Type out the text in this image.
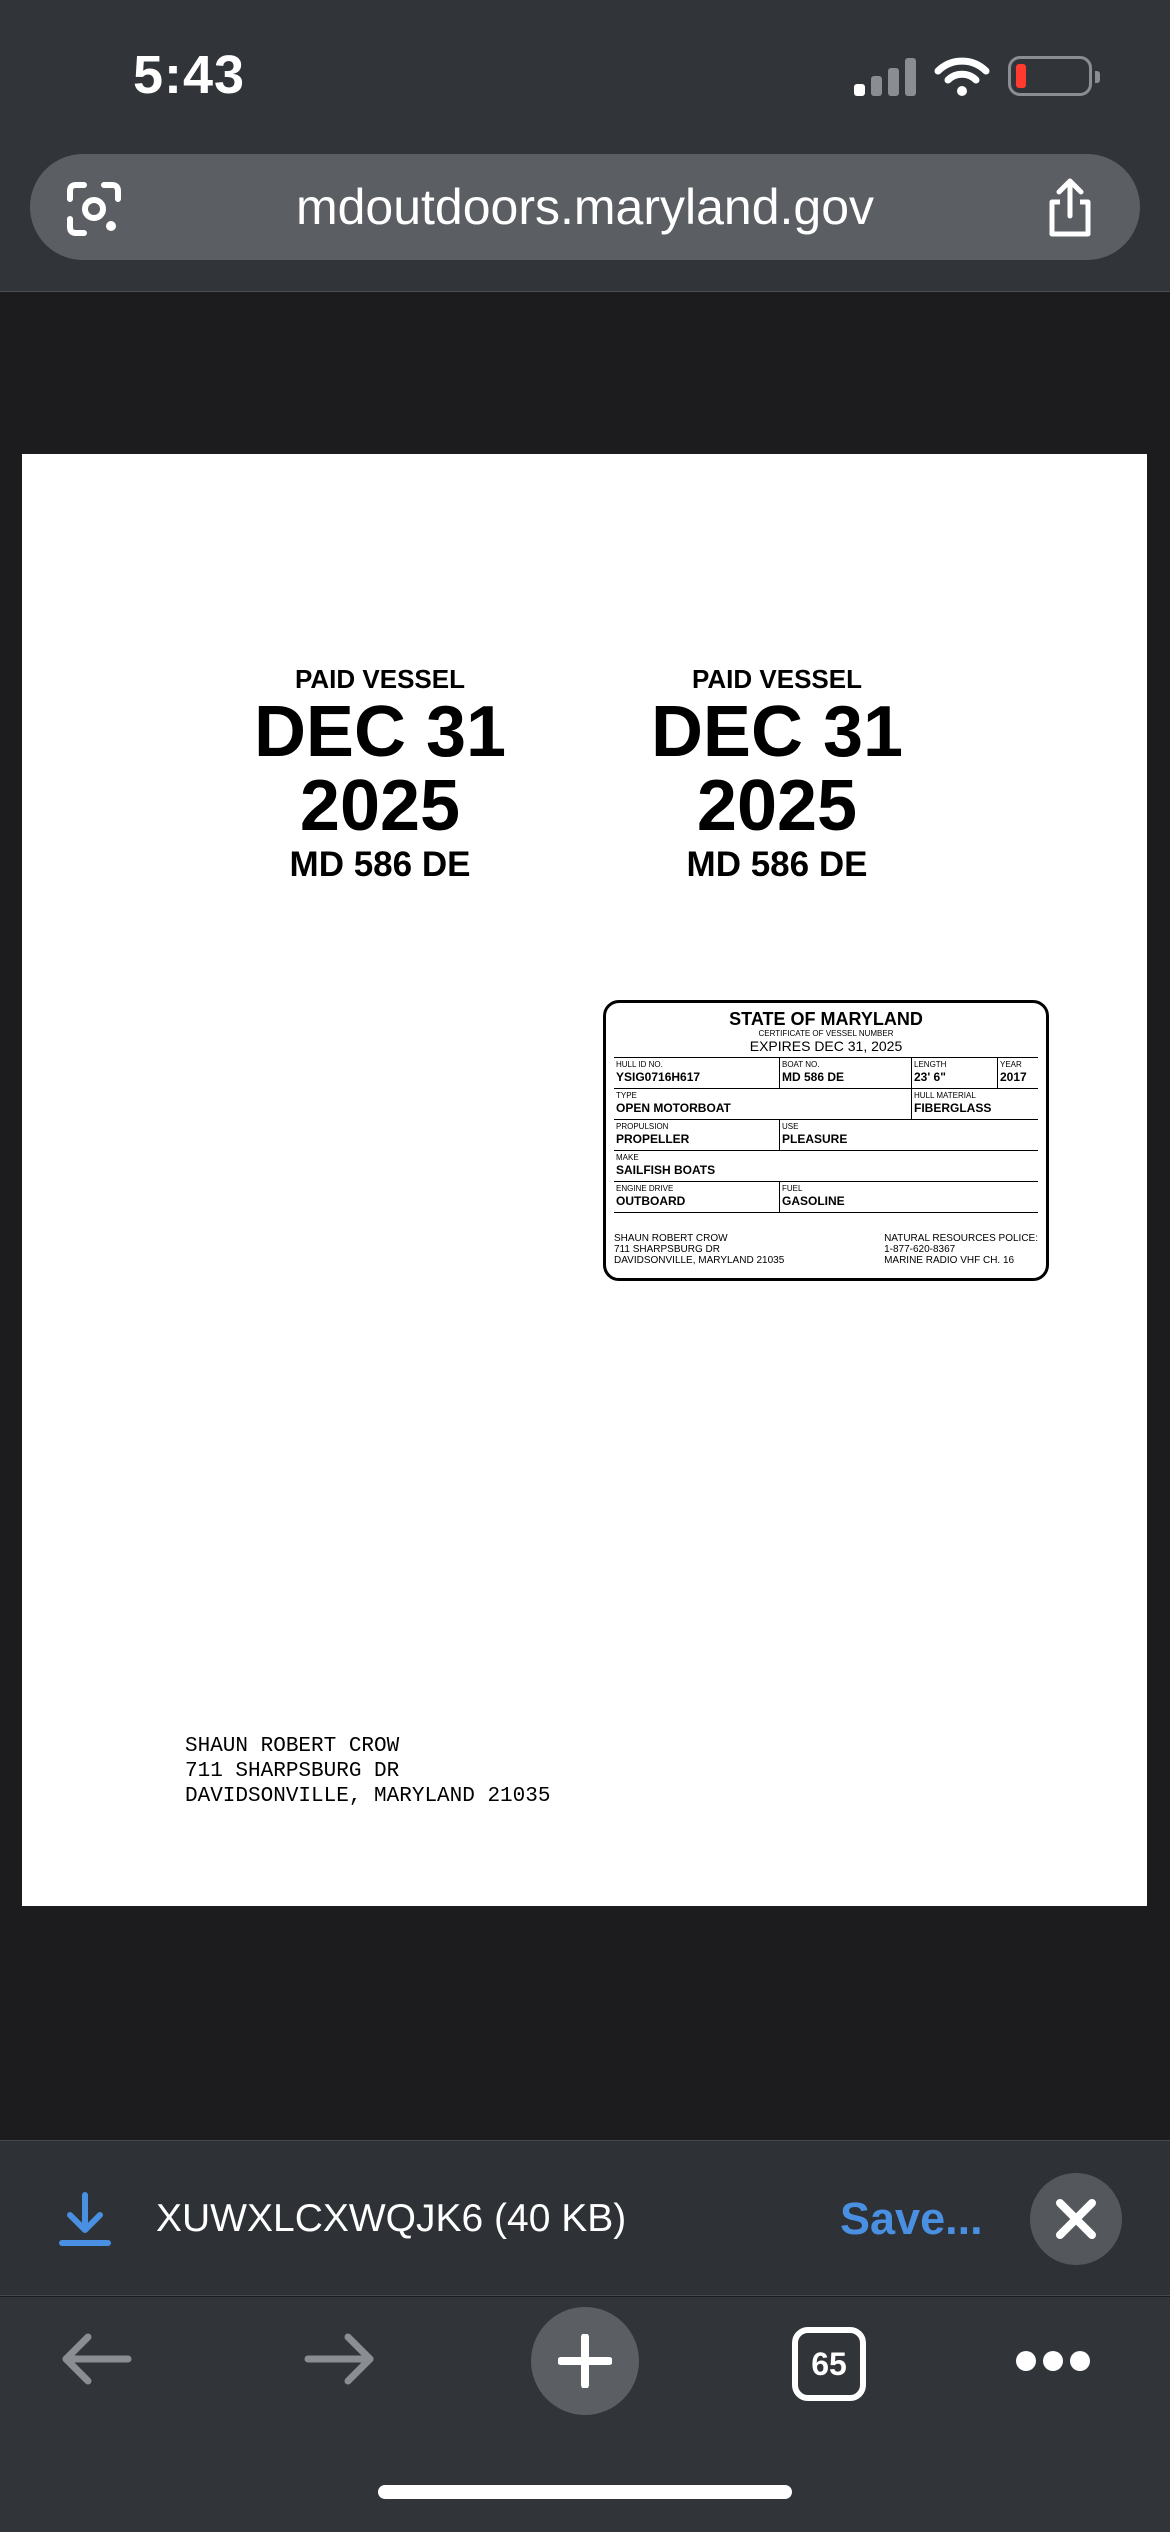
5:43
mdoutdoors.maryland.gov
PAID VESSEL
DEC 31
2025
MD 586 DE
PAID VESSEL
DEC 31
2025
MD 586 DE
STATE OF MARYLAND
CERTIFICATE OF VESSEL NUMBER
EXPIRES DEC 31, 2025
HULL ID NO.
YSIG0716H617
BOAT NO.
MD 586 DE
LENGTH
23' 6"
YEAR
2017
TYPE
OPEN MOTORBOAT
HULL MATERIAL
FIBERGLASS
PROPULSION
PROPELLER
USE
PLEASURE
MAKE
SAILFISH BOATS
ENGINE DRIVE
OUTBOARD
FUEL
GASOLINE
SHAUN ROBERT CROW
711 SHARPSBURG DR
DAVIDSONVILLE, MARYLAND 21035
NATURAL RESOURCES POLICE:
1-877-620-8367
MARINE RADIO VHF CH. 16
SHAUN ROBERT CROW
711 SHARPSBURG DR
DAVIDSONVILLE, MARYLAND 21035
XUWXLCXWQJK6 (40 KB)	Save...
65
